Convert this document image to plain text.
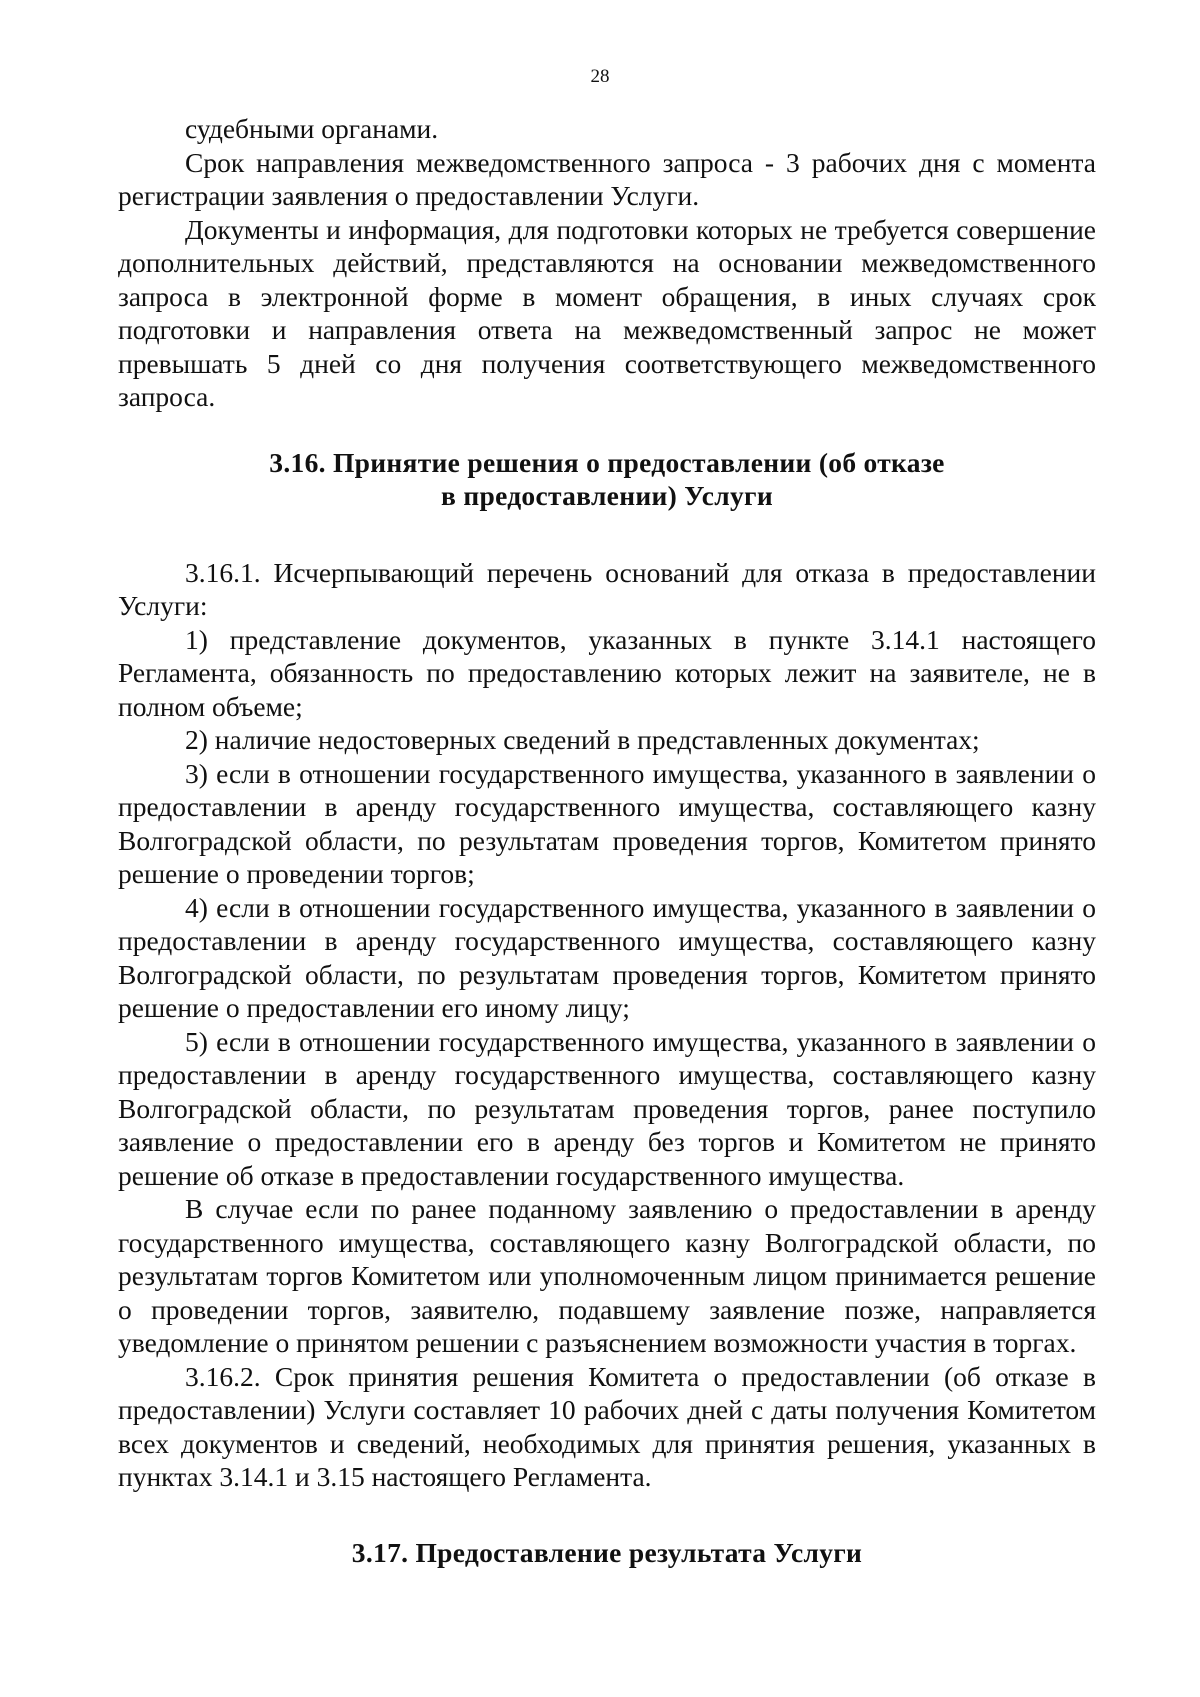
28

судебными органами.

Срок направления межведомственного запроса - 3 рабочих дня с момента регистрации заявления о предоставлении Услуги.

Документы и информация, для подготовки которых не требуется совершение дополнительных действий, представляются на основании межведомственного запроса в электронной форме в момент обращения, в иных случаях срок подготовки и направления ответа на межведомственный запрос не может превышать 5 дней со дня получения соответствующего межведомственного запроса.

3.16. Принятие решения о предоставлении (об отказе
в предоставлении) Услуги

3.16.1. Исчерпывающий перечень оснований для отказа в предоставлении Услуги:

1) представление документов, указанных в пункте 3.14.1 настоящего Регламента, обязанность по предоставлению которых лежит на заявителе, не в полном объеме;

2) наличие недостоверных сведений в представленных документах;

3) если в отношении государственного имущества, указанного в заявлении о предоставлении в аренду государственного имущества, составляющего казну Волгоградской области, по результатам проведения торгов, Комитетом принято решение о проведении торгов;

4) если в отношении государственного имущества, указанного в заявлении о предоставлении в аренду государственного имущества, составляющего казну Волгоградской области, по результатам проведения торгов, Комитетом принято решение о предоставлении его иному лицу;

5) если в отношении государственного имущества, указанного в заявлении о предоставлении в аренду государственного имущества, составляющего казну Волгоградской области, по результатам проведения торгов, ранее поступило заявление о предоставлении его в аренду без торгов и Комитетом не принято решение об отказе в предоставлении государственного имущества.

В случае если по ранее поданному заявлению о предоставлении в аренду государственного имущества, составляющего казну Волгоградской области, по результатам торгов Комитетом или уполномоченным лицом принимается решение о проведении торгов, заявителю, подавшему заявление позже, направляется уведомление о принятом решении с разъяснением возможности участия в торгах.

3.16.2. Срок принятия решения Комитета о предоставлении (об отказе в предоставлении) Услуги составляет 10 рабочих дней с даты получения Комитетом всех документов и сведений, необходимых для принятия решения, указанных в пунктах 3.14.1 и 3.15 настоящего Регламента.

3.17. Предоставление результата Услуги
